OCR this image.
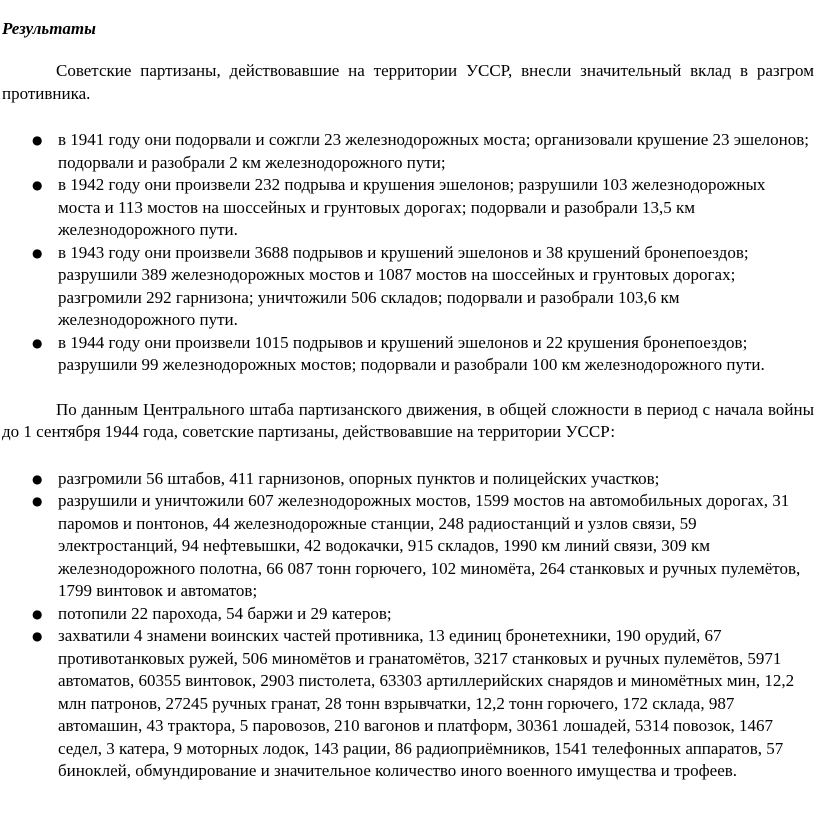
Результаты

Советские партизаны, действовавшие на территории УССР, внесли значительный вклад в разгром противника.

● в 1941 году они подорвали и сожгли 23 железнодорожных моста; организовали крушение 23 эшелонов; подорвали и разобрали 2 км железнодорожного пути;
● в 1942 году они произвели 232 подрыва и крушения эшелонов; разрушили 103 железнодорожных моста и 113 мостов на шоссейных и грунтовых дорогах; подорвали и разобрали 13,5 км железнодорожного пути.
● в 1943 году они произвели 3688 подрывов и крушений эшелонов и 38 крушений бронепоездов; разрушили 389 железнодорожных мостов и 1087 мостов на шоссейных и грунтовых дорогах; разгромили 292 гарнизона; уничтожили 506 складов; подорвали и разобрали 103,6 км железнодорожного пути.
● в 1944 году они произвели 1015 подрывов и крушений эшелонов и 22 крушения бронепоездов; разрушили 99 железнодорожных мостов; подорвали и разобрали 100 км железнодорожного пути.

По данным Центрального штаба партизанского движения, в общей сложности в период с начала войны до 1 сентября 1944 года, советские партизаны, действовавшие на территории УССР:

● разгромили 56 штабов, 411 гарнизонов, опорных пунктов и полицейских участков;
● разрушили и уничтожили 607 железнодорожных мостов, 1599 мостов на автомобильных дорогах, 31 паромов и понтонов, 44 железнодорожные станции, 248 радиостанций и узлов связи, 59 электростанций, 94 нефтевышки, 42 водокачки, 915 складов, 1990 км линий связи, 309 км железнодорожного полотна, 66 087 тонн горючего, 102 миномёта, 264 станковых и ручных пулемётов, 1799 винтовок и автоматов;
● потопили 22 парохода, 54 баржи и 29 катеров;
● захватили 4 знамени воинских частей противника, 13 единиц бронетехники, 190 орудий, 67 противотанковых ружей, 506 миномётов и гранатомётов, 3217 станковых и ручных пулемётов, 5971 автоматов, 60355 винтовок, 2903 пистолета, 63303 артиллерийских снарядов и миномётных мин, 12,2 млн патронов, 27245 ручных гранат, 28 тонн взрывчатки, 12,2 тонн горючего, 172 склада, 987 автомашин, 43 трактора, 5 паровозов, 210 вагонов и платформ, 30361 лошадей, 5314 повозок, 1467 седел, 3 катера, 9 моторных лодок, 143 рации, 86 радиоприёмников, 1541 телефонных аппаратов, 57 биноклей, обмундирование и значительное количество иного военного имущества и трофеев.
